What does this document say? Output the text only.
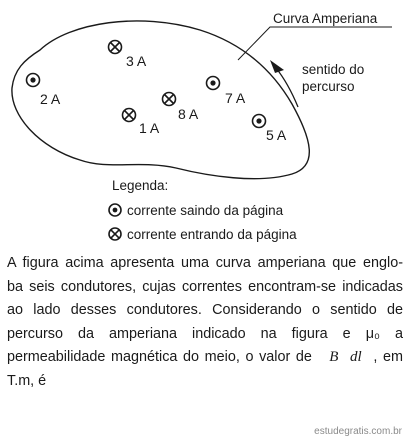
Curva Amperiana
sentido do
percurso
3 A
2 A	7 A
8 A
1 A	5 A
Legenda:
corrente saindo da página
corrente entrando da página
A figura acima apresenta uma curva amperiana que englo-
ba seis condutores, cujas correntes encontram-se indicadas
ao lado desses condutores. Considerando o sentido de
percurso da amperiana indicado na figura e μ₀ a
permeabilidade magnética do meio, o valor de ∮B⃗dl⃗, em
T.m, é
estudegratis.com.br
